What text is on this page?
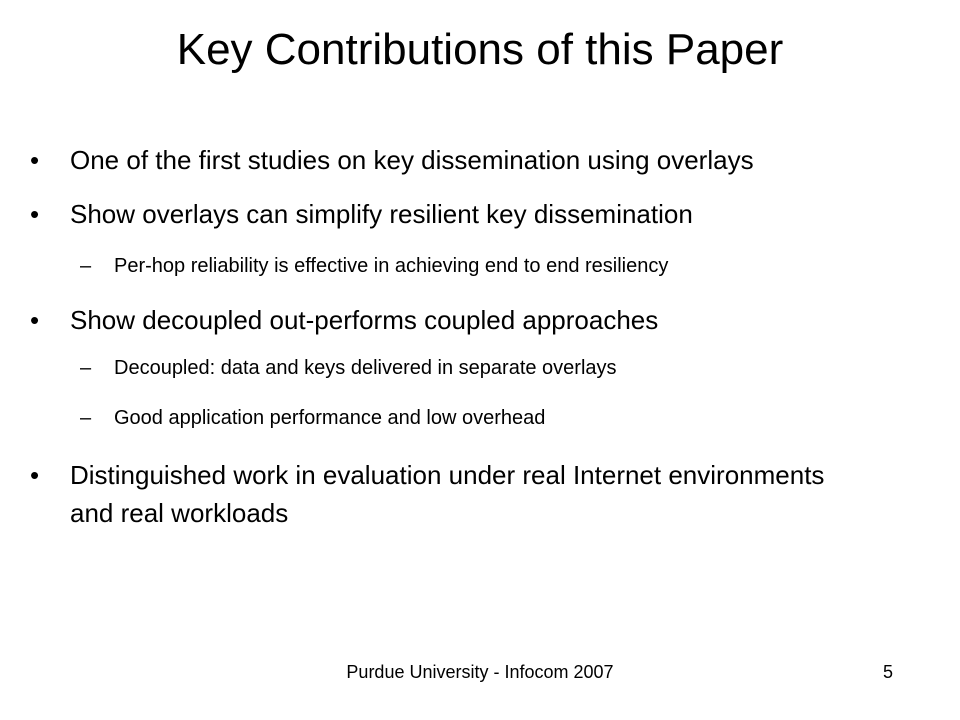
Key Contributions of this Paper
•	One of the first studies on key dissemination using overlays
•	Show overlays can simplify resilient key dissemination
– Per-hop reliability is effective in achieving end to end resiliency
•	Show decoupled out-performs coupled approaches
– Decoupled: data and keys delivered in separate overlays
– Good application performance and low overhead
•	Distinguished work in evaluation under real Internet environments and real workloads
Purdue University - Infocom 2007	5
